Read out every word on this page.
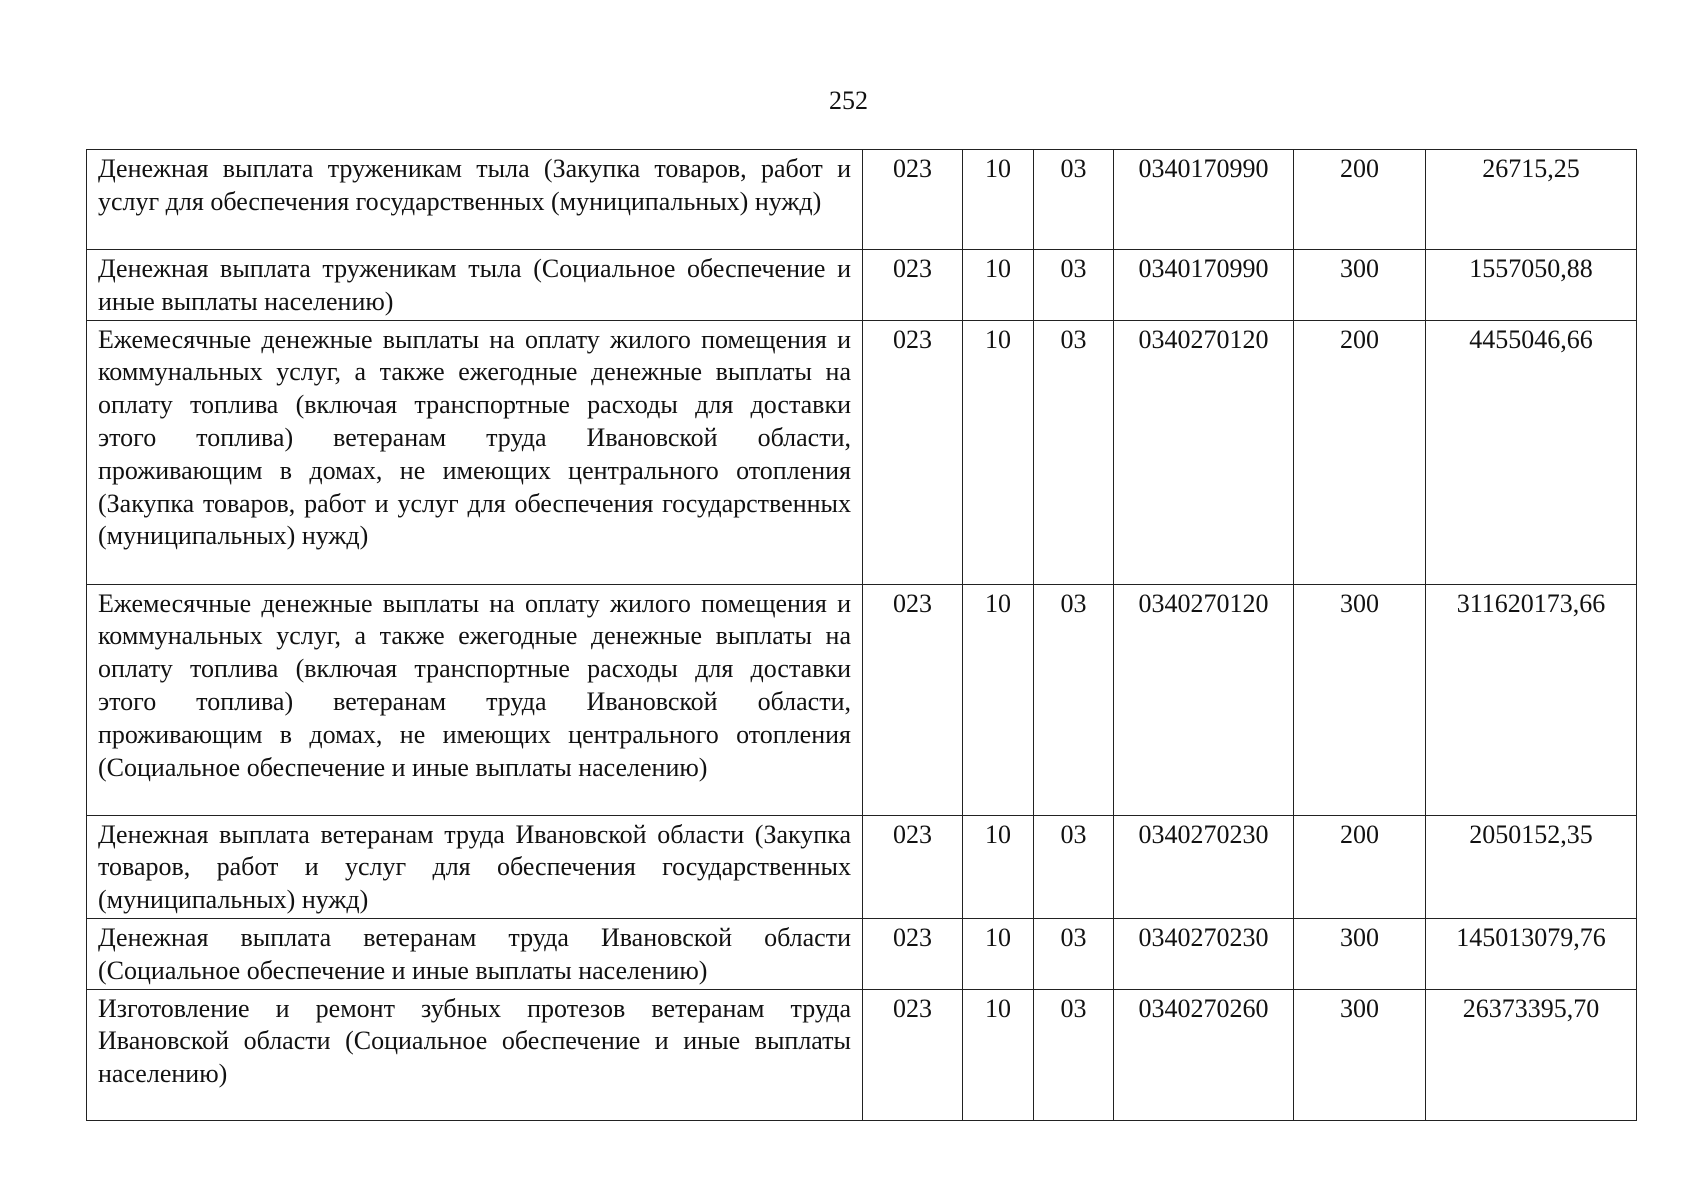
252
Денежная выплата труженикам тыла (Закупка товаров, работ и услуг для обеспечения государственных (муниципальных) нужд)	023	10	03	0340170990	200	26715,25
Денежная выплата труженикам тыла (Социальное обеспечение и иные выплаты населению)	023	10	03	0340170990	300	1557050,88
Ежемесячные денежные выплаты на оплату жилого помещения и коммунальных услуг, а также ежегодные денежные выплаты на оплату топлива (включая транспортные расходы для доставки этого топлива) ветеранам труда Ивановской области, проживающим в домах, не имеющих центрального отопления (Закупка товаров, работ и услуг для обеспечения государственных (муниципальных) нужд)	023	10	03	0340270120	200	4455046,66
Ежемесячные денежные выплаты на оплату жилого помещения и коммунальных услуг, а также ежегодные денежные выплаты на оплату топлива (включая транспортные расходы для доставки этого топлива) ветеранам труда Ивановской области, проживающим в домах, не имеющих центрального отопления (Социальное обеспечение и иные выплаты населению)	023	10	03	0340270120	300	311620173,66
Денежная выплата ветеранам труда Ивановской области (Закупка товаров, работ и услуг для обеспечения государственных (муниципальных) нужд)	023	10	03	0340270230	200	2050152,35
Денежная выплата ветеранам труда Ивановской области (Социальное обеспечение и иные выплаты населению)	023	10	03	0340270230	300	145013079,76
Изготовление и ремонт зубных протезов ветеранам труда Ивановской области (Социальное обеспечение и иные выплаты населению)	023	10	03	0340270260	300	26373395,70
